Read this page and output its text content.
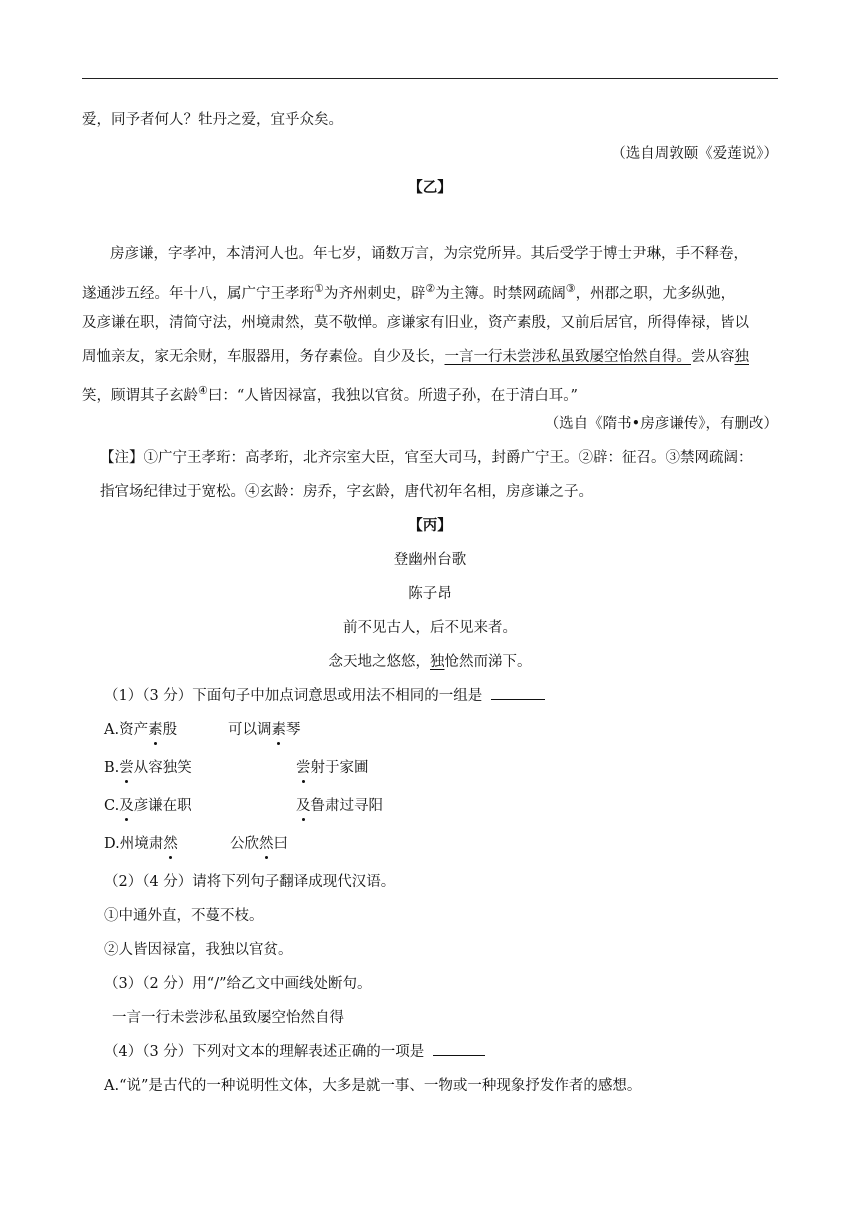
爱，同予者何人？牡丹之爱，宜乎众矣。
（选自周敦颐《爱莲说》）
【乙】
房彦谦，字孝冲，本清河人也。年七岁，诵数万言，为宗党所异。其后受学于博士尹琳，手不释卷，
遂通涉五经。年十八，属广宁王孝珩①为齐州刺史，辟②为主簿。时禁网疏阔③，州郡之职，尤多纵弛，
及彦谦在职，清简守法，州境肃然，莫不敬惮。彦谦家有旧业，资产素殷，又前后居官，所得俸禄，皆以
周恤亲友，家无余财，车服器用，务存素俭。自少及长，一言一行未尝涉私虽致屡空怡然自得。尝从容独
笑，顾谓其子玄龄④曰：“人皆因禄富，我独以官贫。所遗子孙，在于清白耳。”
（选自《隋书•房彦谦传》，有删改）
【注】①广宁王孝珩：高孝珩，北齐宗室大臣，官至大司马，封爵广宁王。②辟：征召。③禁网疏阔：
指官场纪律过于宽松。④玄龄：房乔，字玄龄，唐代初年名相，房彦谦之子。
【丙】
登幽州台歌
陈子昂
前不见古人，后不见来者。
念天地之悠悠，独怆然而涕下。
（1）（3 分）下面句子中加点词意思或用法不相同的一组是
A.资产素殷	可以调素琴
B.尝从容独笑	尝射于家圃
C.及彦谦在职	及鲁肃过寻阳
D.州境肃然	公欣然曰
（2）（4 分）请将下列句子翻译成现代汉语。
①中通外直，不蔓不枝。
②人皆因禄富，我独以官贫。
（3）（2 分）用“/”给乙文中画线处断句。
一言一行未尝涉私虽致屡空怡然自得
（4）（3 分）下列对文本的理解表述正确的一项是
A.“说”是古代的一种说明性文体，大多是就一事、一物或一种现象抒发作者的感想。
